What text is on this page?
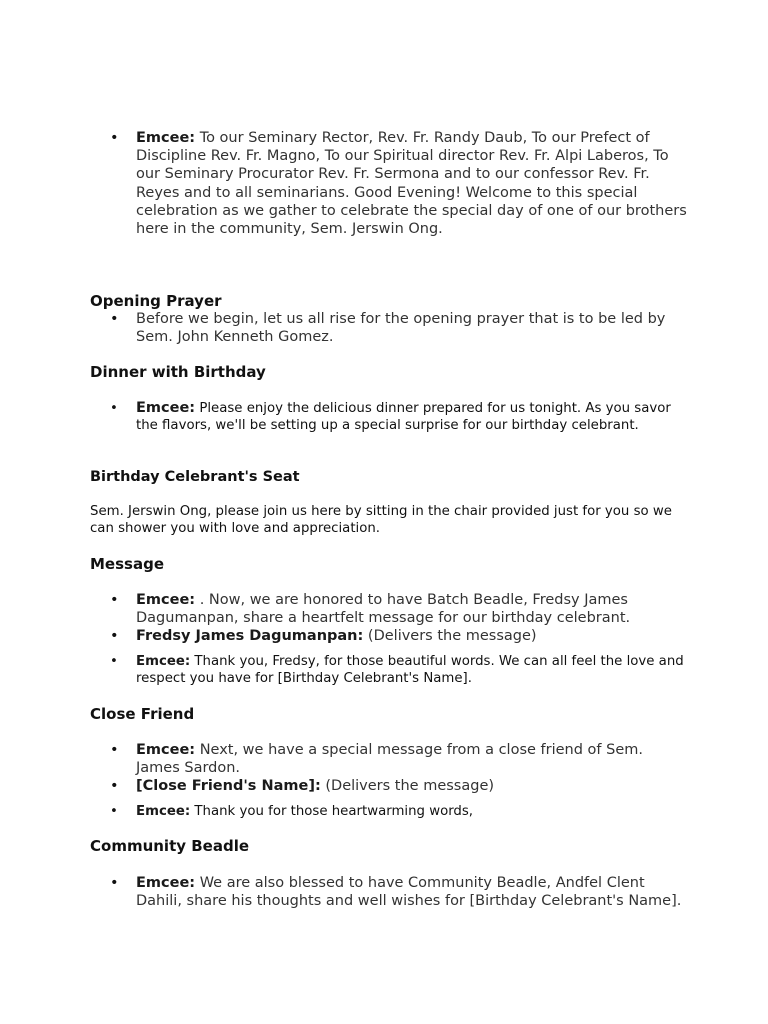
• Emcee: To our Seminary Rector, Rev. Fr. Randy Daub, To our Prefect of Discipline Rev. Fr. Magno, To our Spiritual director Rev. Fr. Alpi Laberos, To our Seminary Procurator Rev. Fr. Sermona and to our confessor Rev. Fr. Reyes and to all seminarians. Good Evening! Welcome to this special celebration as we gather to celebrate the special day of one of our brothers here in the community, Sem. Jerswin Ong.
Opening Prayer
• Before we begin, let us all rise for the opening prayer that is to be led by Sem. John Kenneth Gomez.
Dinner with Birthday
• Emcee: Please enjoy the delicious dinner prepared for us tonight. As you savor the flavors, we'll be setting up a special surprise for our birthday celebrant.
Birthday Celebrant's Seat
Sem. Jerswin Ong, please join us here by sitting in the chair provided just for you so we can shower you with love and appreciation.
Message
• Emcee: . Now, we are honored to have Batch Beadle, Fredsy James Dagumanpan, share a heartfelt message for our birthday celebrant.
• Fredsy James Dagumanpan: (Delivers the message)
• Emcee: Thank you, Fredsy, for those beautiful words. We can all feel the love and respect you have for [Birthday Celebrant's Name].
Close Friend
• Emcee: Next, we have a special message from a close friend of Sem. James Sardon.
• [Close Friend's Name]: (Delivers the message)
• Emcee: Thank you for those heartwarming words,
Community Beadle
• Emcee: We are also blessed to have Community Beadle, Andfel Clent Dahili, share his thoughts and well wishes for [Birthday Celebrant's Name].
